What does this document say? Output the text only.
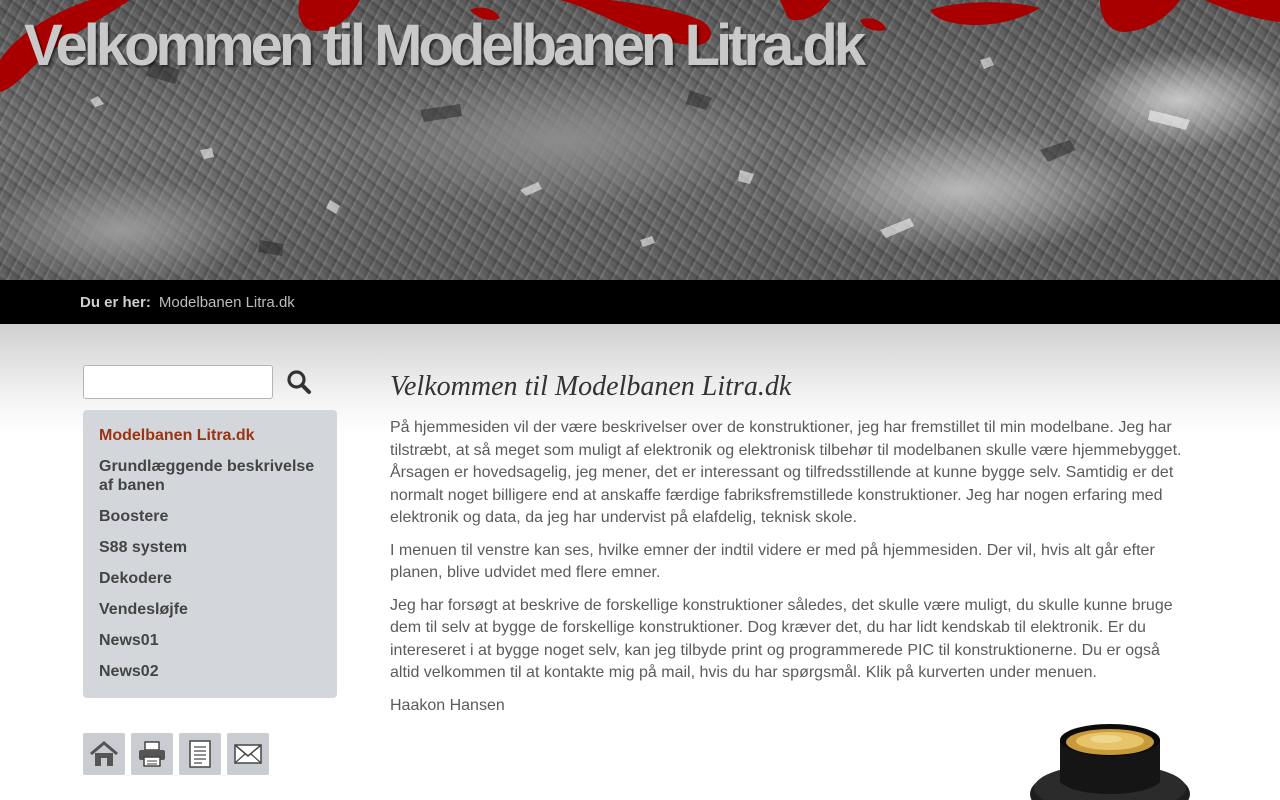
Velkommen til Modelbanen Litra.dk
Du er her: Modelbanen Litra.dk
Modelbanen Litra.dk
Grundlæggende beskrivelse af banen
Boostere
S88 system
Dekodere
Vendesløjfe
News01
News02
Velkommen til Modelbanen Litra.dk

På hjemmesiden vil der være beskrivelser over de konstruktioner, jeg har fremstillet til min modelbane. Jeg har tilstræbt, at så meget som muligt af elektronik og elektronisk tilbehør til modelbanen skulle være hjemmebygget. Årsagen er hovedsagelig, jeg mener, det er interessant og tilfredsstillende at kunne bygge selv. Samtidig er det normalt noget billigere end at anskaffe færdige fabriksfremstillede konstruktioner. Jeg har nogen erfaring med elektronik og data, da jeg har undervist på elafdelig, teknisk skole.

I menuen til venstre kan ses, hvilke emner der indtil videre er med på hjemmesiden. Der vil, hvis alt går efter planen, blive udvidet med flere emner.

Jeg har forsøgt at beskrive de forskellige konstruktioner således, det skulle være muligt, du skulle kunne bruge dem til selv at bygge de forskellige konstruktioner. Dog kræver det, du har lidt kendskab til elektronik. Er du intereseret i at bygge noget selv, kan jeg tilbyde print og programmerede PIC til konstruktionerne. Du er også altid velkommen til at kontakte mig på mail, hvis du har spørgsmål. Klik på kurverten under menuen.

Haakon Hansen
